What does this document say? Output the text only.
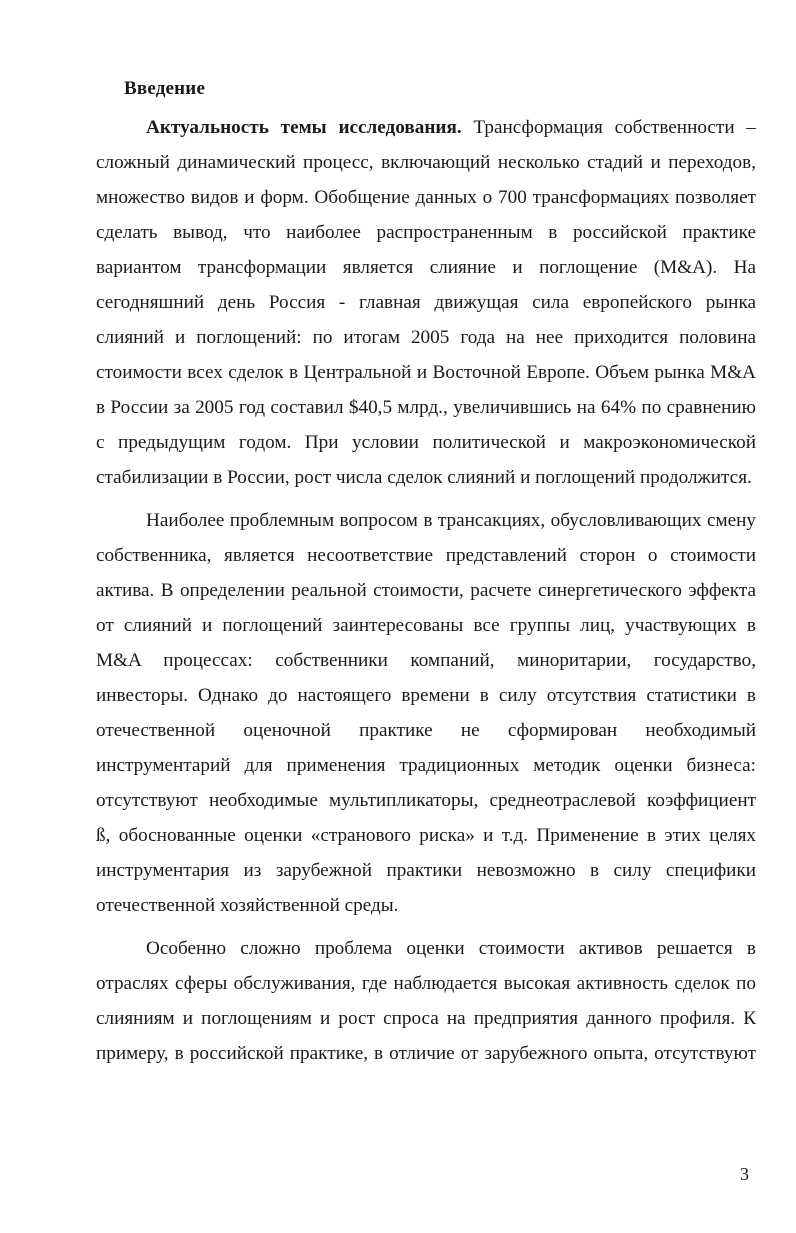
Введение
Актуальность темы исследования. Трансформация собственности –
сложный динамический процесс, включающий несколько стадий и переходов,
множество видов и форм. Обобщение данных о 700 трансформациях позволяет
сделать вывод, что наиболее распространенным в российской практике
вариантом трансформации является слияние и поглощение (M&A). На
сегодняшний день Россия - главная движущая сила европейского рынка
слияний и поглощений: по итогам 2005 года на нее приходится половина
стоимости всех сделок в Центральной и Восточной Европе. Объем рынка M&A
в России за 2005 год составил $40,5 млрд., увеличившись на 64% по сравнению
с предыдущим годом. При условии политической и макроэкономической
стабилизации в России, рост числа сделок слияний и поглощений продолжится.
Наиболее проблемным вопросом в трансакциях, обусловливающих смену
собственника, является несоответствие представлений сторон о стоимости
актива. В определении реальной стоимости, расчете синергетического эффекта
от слияний и поглощений заинтересованы все группы лиц, участвующих в
M&A процессах: собственники компаний, миноритарии, государство,
инвесторы. Однако до настоящего времени в силу отсутствия статистики в
отечественной оценочной практике не сформирован необходимый
инструментарий для применения традиционных методик оценки бизнеса:
отсутствуют необходимые мультипликаторы, среднеотраслевой коэффициент
ß, обоснованные оценки «странового риска» и т.д. Применение в этих целях
инструментария из зарубежной практики невозможно в силу специфики
отечественной хозяйственной среды.
Особенно сложно проблема оценки стоимости активов решается в
отраслях сферы обслуживания, где наблюдается высокая активность сделок по
слияниям и поглощениям и рост спроса на предприятия данного профиля. К
примеру, в российской практике, в отличие от зарубежного опыта, отсутствуют
3
